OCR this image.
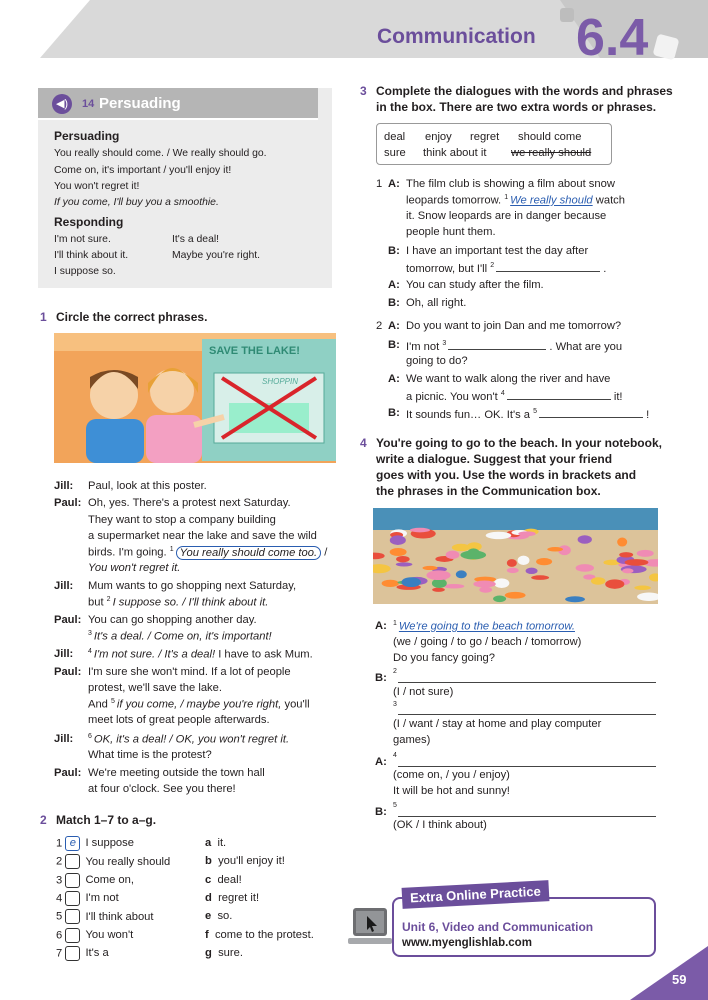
Communication 6.4
◀)	14 Persuading
Persuading
You really should come. / We really should go.
Come on, it's important / you'll enjoy it!
You won't regret it!
If you come, I'll buy you a smoothie.
Responding
I'm not sure.
I'll think about it.
I suppose so.
It's a deal!
Maybe you're right.
1 Circle the correct phrases.
SAVE THE LAKE!
SHOPPIN
Jill: Paul, look at this poster.
Paul: Oh, yes. There's a protest next Saturday.
They want to stop a company building
a supermarket near the lake and save the wild
birds. I'm going. $^1$ You really should come too. /
You won't regret it.
Jill: Mum wants to go shopping next Saturday,
but $^2$ I suppose so. / I'll think about it.
Paul: You can go shopping another day.
$^3$ It's a deal. / Come on, it's important!
Jill: $^4$ I'm not sure. / It's a deal! I have to ask Mum.
Paul: I'm sure she won't mind. If a lot of people
protest, we'll save the lake.
And $^5$ if you come, / maybe you're right, you'll
meet lots of great people afterwards.
Jill: $^6$ OK, it's a deal! / OK, you won't regret it.
What time is the protest?
Paul: We're meeting outside the town hall
at four o'clock. See you there!
2 Match 1–7 to a–g.
1 e I suppose
2 You really should
3 Come on,
4 I'm not
5 I'll think about
6 You won't
7 It's a
a it.
b you'll enjoy it!
c deal!
d regret it!
e so.
f come to the protest.
g sure.
3 Complete the dialogues with the words and phrases
in the box. There are two extra words or phrases.
deal enjoy regret should come
sure think about it we really should
1 A: The film club is showing a film about snow
leopards tomorrow. $^1$ We really should watch
it. Snow leopards are in danger because
people hunt them.
B: I have an important test the day after
tomorrow, but I'll $^2$	.
A: You can study after the film.
B: Oh, all right.
2 A: Do you want to join Dan and me tomorrow?
B: I'm not $^3$	. What are you
going to do?
A: We want to walk along the river and have
a picnic. You won't $^4$	it!
B: It sounds fun… OK. It's a $^5$	!
4 You're going to go to the beach. In your notebook,
write a dialogue. Suggest that your friend
goes with you. Use the words in brackets and
the phrases in the Communication box.
A: $^1$ We're going to the beach tomorrow.
(we / going / to go / beach / tomorrow)
Do you fancy going?
B:
$^2$
(I / not sure)
$^3$
(I / want / stay at home and play computer
games)
A:
$^4$
(come on, / you / enjoy)
It will be hot and sunny!
B:
$^5$
(OK / I think about)
Extra Online Practice
Unit 6, Video and Communication
www.myenglishlab.com
59
